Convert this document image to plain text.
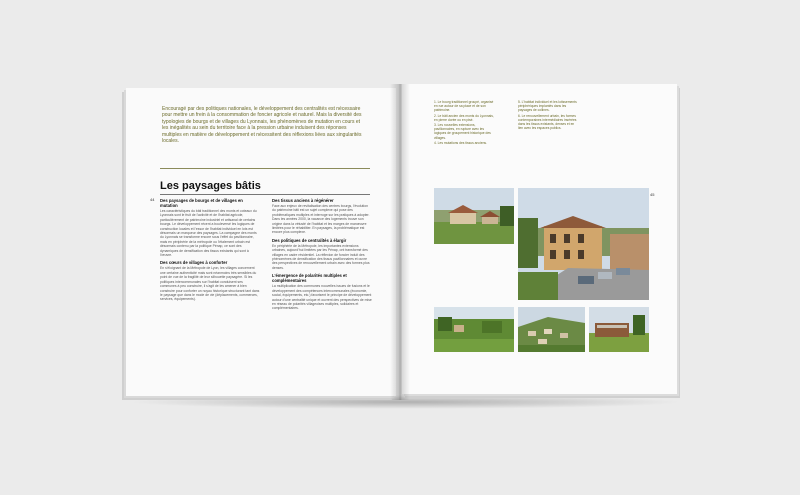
Encouragé par des politiques nationales, le développement des centralités est nécessaire pour mettre un frein à la consommation de foncier agricole et naturel. Mais la diversité des typologies de bourgs et de villages du Lyonnais, les phénomènes de mutation en cours et les inégalités au sein du territoire face à la pression urbaine induisent des réponses multiples en matière de développement et nécessitent des réflexions liées aux singularités locales.
Les paysages bâtis
44 Des paysages de bourgs et de villages en mutation

Les caractéristiques du bâti traditionnel des monts et coteaux du Lyonnais sont le fruit de l'activité et de l'habitat agricole, particulièrement de patrimoine industriel et artisanal de certains bourgs. Le développement récent a bouleversé les logiques de construction locales et l'essor de l'habitat individuel en lots est désormais un marqueur des paysages. La campagne des monts du Lyonnais se transforme encore sous l'effet du pavillonnaire, mais en périphérie de la métropole ou l'étalement urbain est désormais contenu par la politique Pénap, ce sont des dynamiques de densification des tissus existants qui sont à l'œuvre.

Des cœurs de villages à conforter

En s'éloignant de la Métropole de Lyon, les villages concernent une certaine authenticité mais sont néanmoins très sensibles du point de vue de la fragilité de leur silhouette paysagère. Si les politiques intercommunales sur l'habitat conduisent ses communes à peu construire, il s'agit de les amener à bien construire pour conforter un noyau historique structurant tant dans le paysage que dans le mode de vie (déplacements, commerces, services, équipements).

Des tissus anciens à régénérer

Face aux enjeux de revitalisation des centres bourgs, l'évolution du patrimoine bâti est un sujet complexe qui pose des problématiques multiples et interroge sur les pratiques à adopter. Dans les années 2000, la vacance des logements trouve son origine dans la vétusté de l'habitat et les marges de manœuvre limitées pour le réhabiliter. En paysages, la problématique est encore plus complexe.

Des politiques de centralités à élargir

En périphérie de la Métropole, les importantes extensions urbaines, aujourd'hui limitées par les Pénap, ont transformé des villages en cadre résidentiel. La réflexion de foncier induit des phénomènes de densification des tissus pavillonnaires et ouvre des perspectives de renouvellement urbain avec des formes plus denses.

L'émergence de polarités multiples et complémentaires

La multiplication des communes nouvelles issues de fusions et le développement des compétences intercommunales (économie, social, équipements, etc.) favorisent le principe de développement autour d'une centralité unique et ouvrent des perspectives de mise en réseau de polarités villageoises multiples, solidaires et complémentaires.

1. Le bourg traditionnel groupé, organisé en rue autour de sa place et de son patrimoine.

2. Le bâti ancien des monts du Lyonnais, en pierre dorée ou en pisé.

3. Les nouvelles extensions, pavillonnaires, en rupture avec les logiques de groupement historique des villages.

4. Les mutations des tissus anciens.

5. L'habitat individuel et les lotissements périphériques implantés dans les paysages de collines.

6. Le renouvellement urbain, les formes contemporaines intermédiaires insérées dans les tissus existants, denses et en lien avec les espaces publics.

45
